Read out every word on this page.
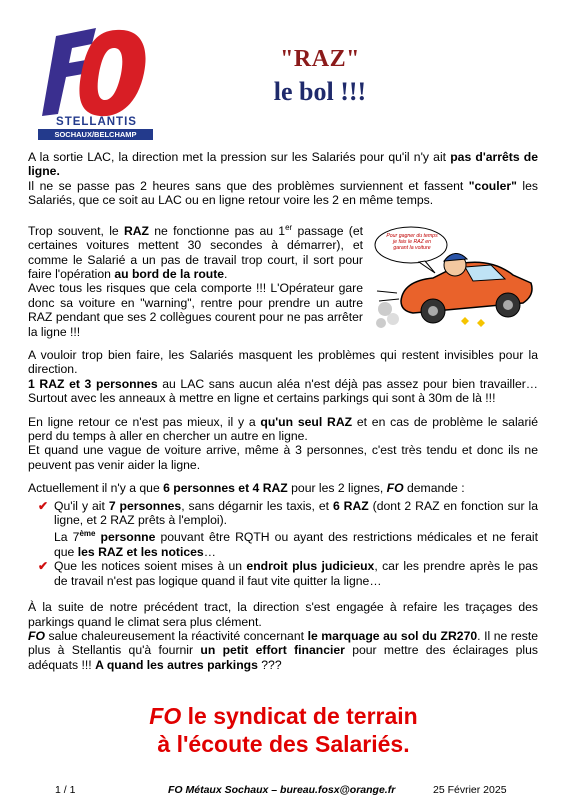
STELLANTIS
SOCHAUX/BELCHAMP
"RAZ"
le bol !!!
A la sortie LAC, la direction met la pression sur les Salariés pour qu'il n'y ait pas d'arrêts de ligne.
Il ne se passe pas 2 heures sans que des problèmes surviennent et fassent "couler" les Salariés, que ce soit au LAC ou en ligne retour voire les 2 en même temps.
Pour gagner du temps je fais le RAZ en garant la voiture
Trop souvent, le RAZ ne fonctionne pas au 1er passage (et certaines voitures mettent 30 secondes à démarrer), et comme le Salarié a un pas de travail trop court, il sort pour faire l'opération au bord de la route.
Avec tous les risques que cela comporte !!! L'Opérateur gare donc sa voiture en "warning", rentre pour prendre un autre RAZ pendant que ses 2 collègues courent pour ne pas arrêter la ligne !!!
A vouloir trop bien faire, les Salariés masquent les problèmes qui restent invisibles pour la direction.
1 RAZ et 3 personnes au LAC sans aucun aléa n'est déjà pas assez pour bien travailler… Surtout avec les anneaux à mettre en ligne et certains parkings qui sont à 30m de là !!!
En ligne retour ce n'est pas mieux, il y a qu'un seul RAZ et en cas de problème le salarié perd du temps à aller en chercher un autre en ligne.
Et quand une vague de voiture arrive, même à 3 personnes, c'est très tendu et donc ils ne peuvent pas venir aider la ligne.
Actuellement il n'y a que 6 personnes et 4 RAZ pour les 2 lignes, FO demande :
✔ Qu'il y ait 7 personnes, sans dégarnir les taxis, et 6 RAZ (dont 2 RAZ en fonction sur la ligne, et 2 RAZ prêts à l'emploi).
La 7ème personne pouvant être RQTH ou ayant des restrictions médicales et ne ferait que les RAZ et les notices…
✔ Que les notices soient mises à un endroit plus judicieux, car les prendre après le pas de travail n'est pas logique quand il faut vite quitter la ligne…
À la suite de notre précédent tract, la direction s'est engagée à refaire les traçages des parkings quand le climat sera plus clément.
FO salue chaleureusement la réactivité concernant le marquage au sol du ZR270. Il ne reste plus à Stellantis qu'à fournir un petit effort financier pour mettre des éclairages plus adéquats !!! A quand les autres parkings ???
FO le syndicat de terrain
à l'écoute des Salariés.
1 / 1	FO Métaux Sochaux – bureau.fosx@orange.fr	25 Février 2025
